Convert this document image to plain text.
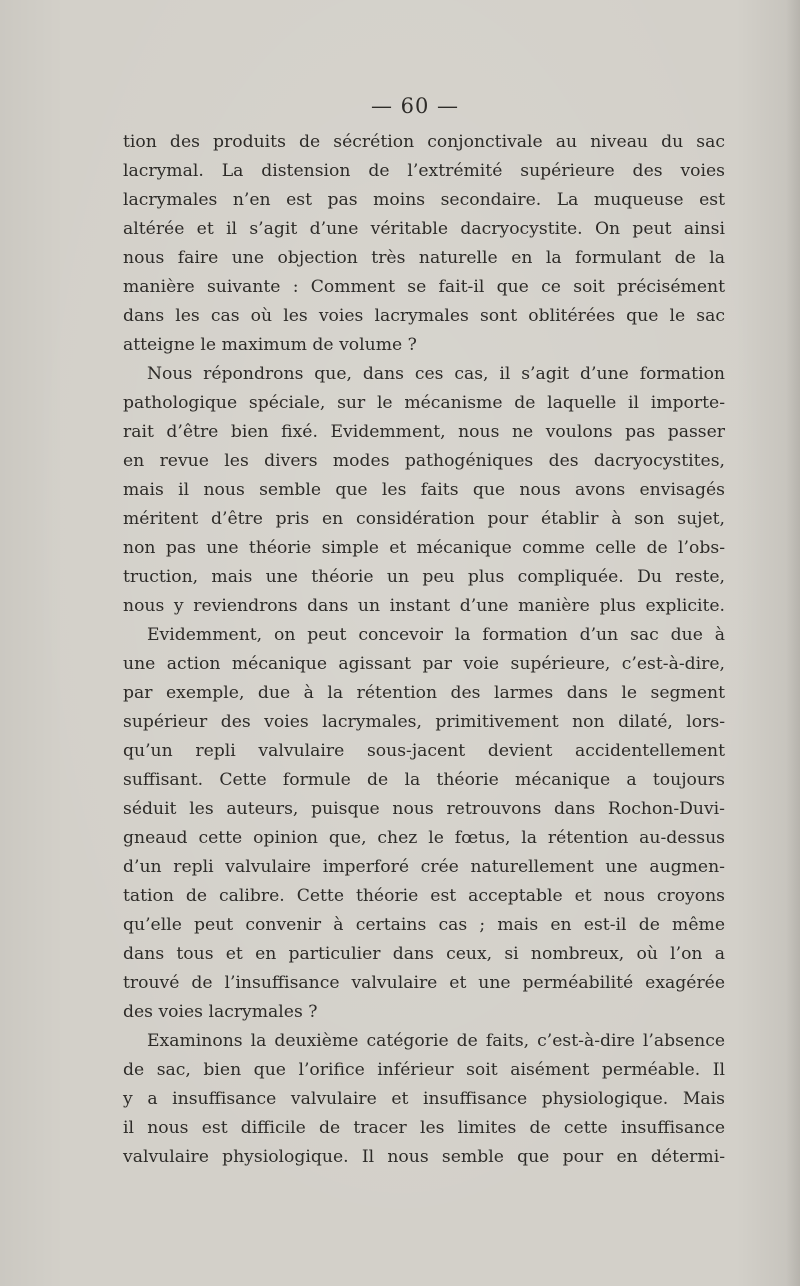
— 60 —
tion des produits de sécrétion conjonctivale au niveau du sac
lacrymal. La distension de l’extrémité supérieure des voies
lacrymales n’en est pas moins secondaire. La muqueuse est
altérée et il s’agit d’une véritable dacryocystite. On peut ainsi
nous faire une objection très naturelle en la formulant de la
manière suivante : Comment se fait-il que ce soit précisément
dans les cas où les voies lacrymales sont oblitérées que le sac
atteigne le maximum de volume ?
Nous répondrons que, dans ces cas, il s’agit d’une formation
pathologique spéciale, sur le mécanisme de laquelle il importe-
rait d’être bien fixé. Evidemment, nous ne voulons pas passer
en revue les divers modes pathogéniques des dacryocystites,
mais il nous semble que les faits que nous avons envisagés
méritent d’être pris en considération pour établir à son sujet,
non pas une théorie simple et mécanique comme celle de l’obs-
truction, mais une théorie un peu plus compliquée. Du reste,
nous y reviendrons dans un instant d’une manière plus explicite.
Evidemment, on peut concevoir la formation d’un sac due à
une action mécanique agissant par voie supérieure, c’est-à-dire,
par exemple, due à la rétention des larmes dans le segment
supérieur des voies lacrymales, primitivement non dilaté, lors-
qu’un repli valvulaire sous-jacent devient accidentellement
suffisant. Cette formule de la théorie mécanique a toujours
séduit les auteurs, puisque nous retrouvons dans Rochon-Duvi-
gneaud cette opinion que, chez le fœtus, la rétention au-dessus
d’un repli valvulaire imperforé crée naturellement une augmen-
tation de calibre. Cette théorie est acceptable et nous croyons
qu’elle peut convenir à certains cas ; mais en est-il de même
dans tous et en particulier dans ceux, si nombreux, où l’on a
trouvé de l’insuffisance valvulaire et une perméabilité exagérée
des voies lacrymales ?
Examinons la deuxième catégorie de faits, c’est-à-dire l’absence
de sac, bien que l’orifice inférieur soit aisément perméable. Il
y a insuffisance valvulaire et insuffisance physiologique. Mais
il nous est difficile de tracer les limites de cette insuffisance
valvulaire physiologique. Il nous semble que pour en détermi-
